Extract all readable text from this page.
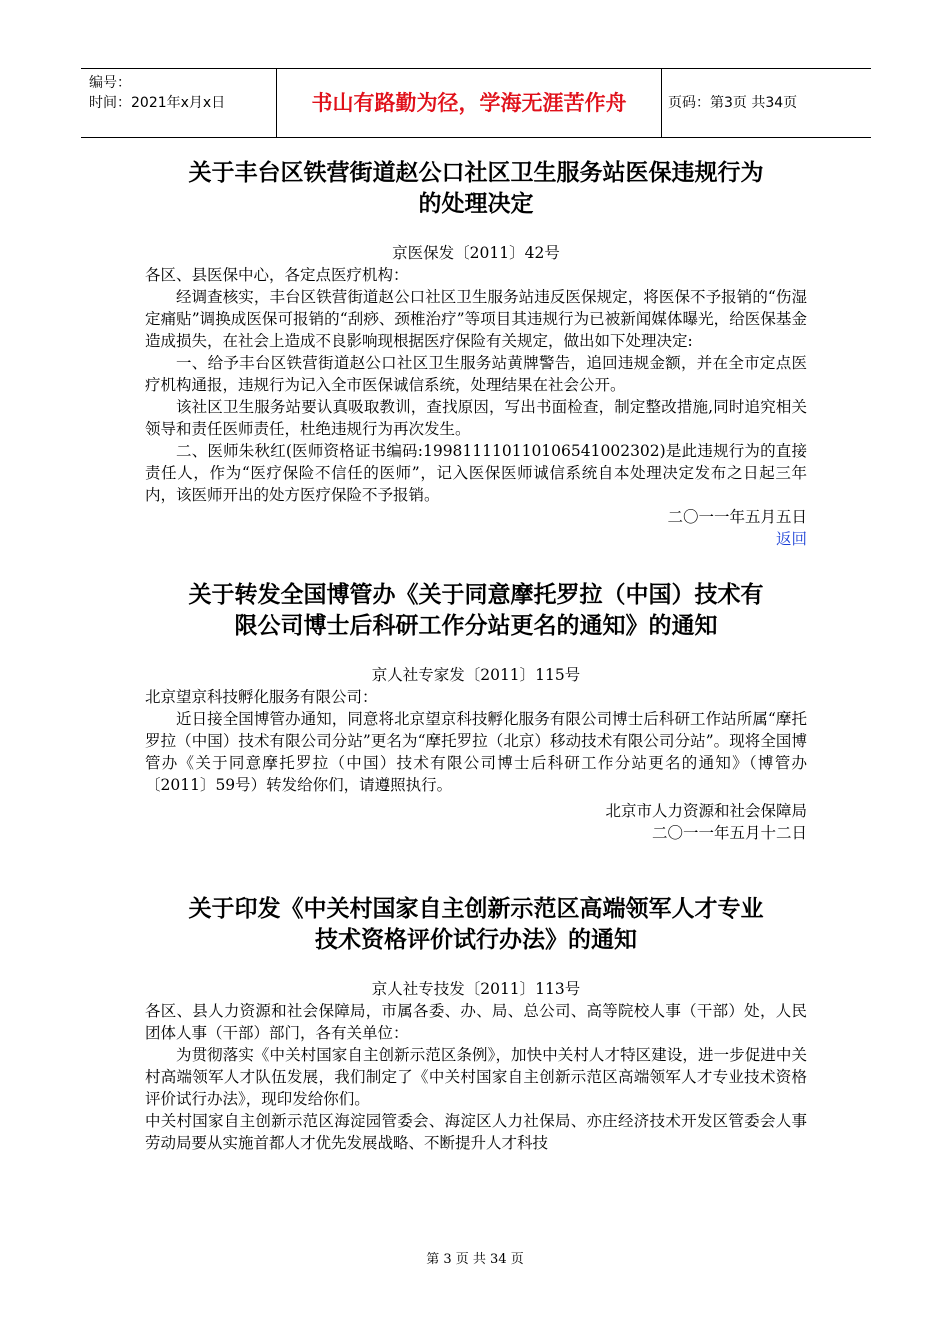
编号：
时间：2021年x月x日	书山有路勤为径，学海无涯苦作舟	页码：第3页 共34页
关于丰台区铁营街道赵公口社区卫生服务站医保违规行为
的处理决定
京医保发〔2011〕42号

各区、县医保中心，各定点医疗机构：

经调查核实，丰台区铁营街道赵公口社区卫生服务站违反医保规定，将医保不予报销的“伤湿定痛贴”调换成医保可报销的“刮痧、颈椎治疗”等项目其违规行为已被新闻媒体曝光，给医保基金造成损失，在社会上造成不良影响现根据医疗保险有关规定，做出如下处理决定:

一、给予丰台区铁营街道赵公口社区卫生服务站黄牌警告，追回违规金额，并在全市定点医疗机构通报，违规行为记入全市医保诚信系统，处理结果在社会公开。

该社区卫生服务站要认真吸取教训，查找原因，写出书面检查，制定整改措施,同时追究相关领导和责任医师责任，杜绝违规行为再次发生。

二、医师朱秋红(医师资格证书编码:199811110110106541002302)是此违规行为的直接责任人，作为“医疗保险不信任的医师”，记入医保医师诚信系统自本处理决定发布之日起三年内，该医师开出的处方医疗保险不予报销。

二〇一一年五月五日

返回
关于转发全国博管办《关于同意摩托罗拉（中国）技术有
限公司博士后科研工作分站更名的通知》的通知
京人社专家发〔2011〕115号

北京望京科技孵化服务有限公司：

近日接全国博管办通知，同意将北京望京科技孵化服务有限公司博士后科研工作站所属“摩托罗拉（中国）技术有限公司分站”更名为“摩托罗拉（北京）移动技术有限公司分站”。现将全国博管办《关于同意摩托罗拉（中国）技术有限公司博士后科研工作分站更名的通知》（博管办〔2011〕59号）转发给你们，请遵照执行。

北京市人力资源和社会保障局

二〇一一年五月十二日

关于印发《中关村国家自主创新示范区高端领军人才专业
技术资格评价试行办法》的通知
京人社专技发〔2011〕113号

各区、县人力资源和社会保障局，市属各委、办、局、总公司、高等院校人事（干部）处，人民团体人事（干部）部门，各有关单位：

为贯彻落实《中关村国家自主创新示范区条例》，加快中关村人才特区建设，进一步促进中关村高端领军人才队伍发展，我们制定了《中关村国家自主创新示范区高端领军人才专业技术资格评价试行办法》，现印发给你们。

中关村国家自主创新示范区海淀园管委会、海淀区人力社保局、亦庄经济技术开发区管委会人事劳动局要从实施首都人才优先发展战略、不断提升人才科技

第 3 页 共 34 页
